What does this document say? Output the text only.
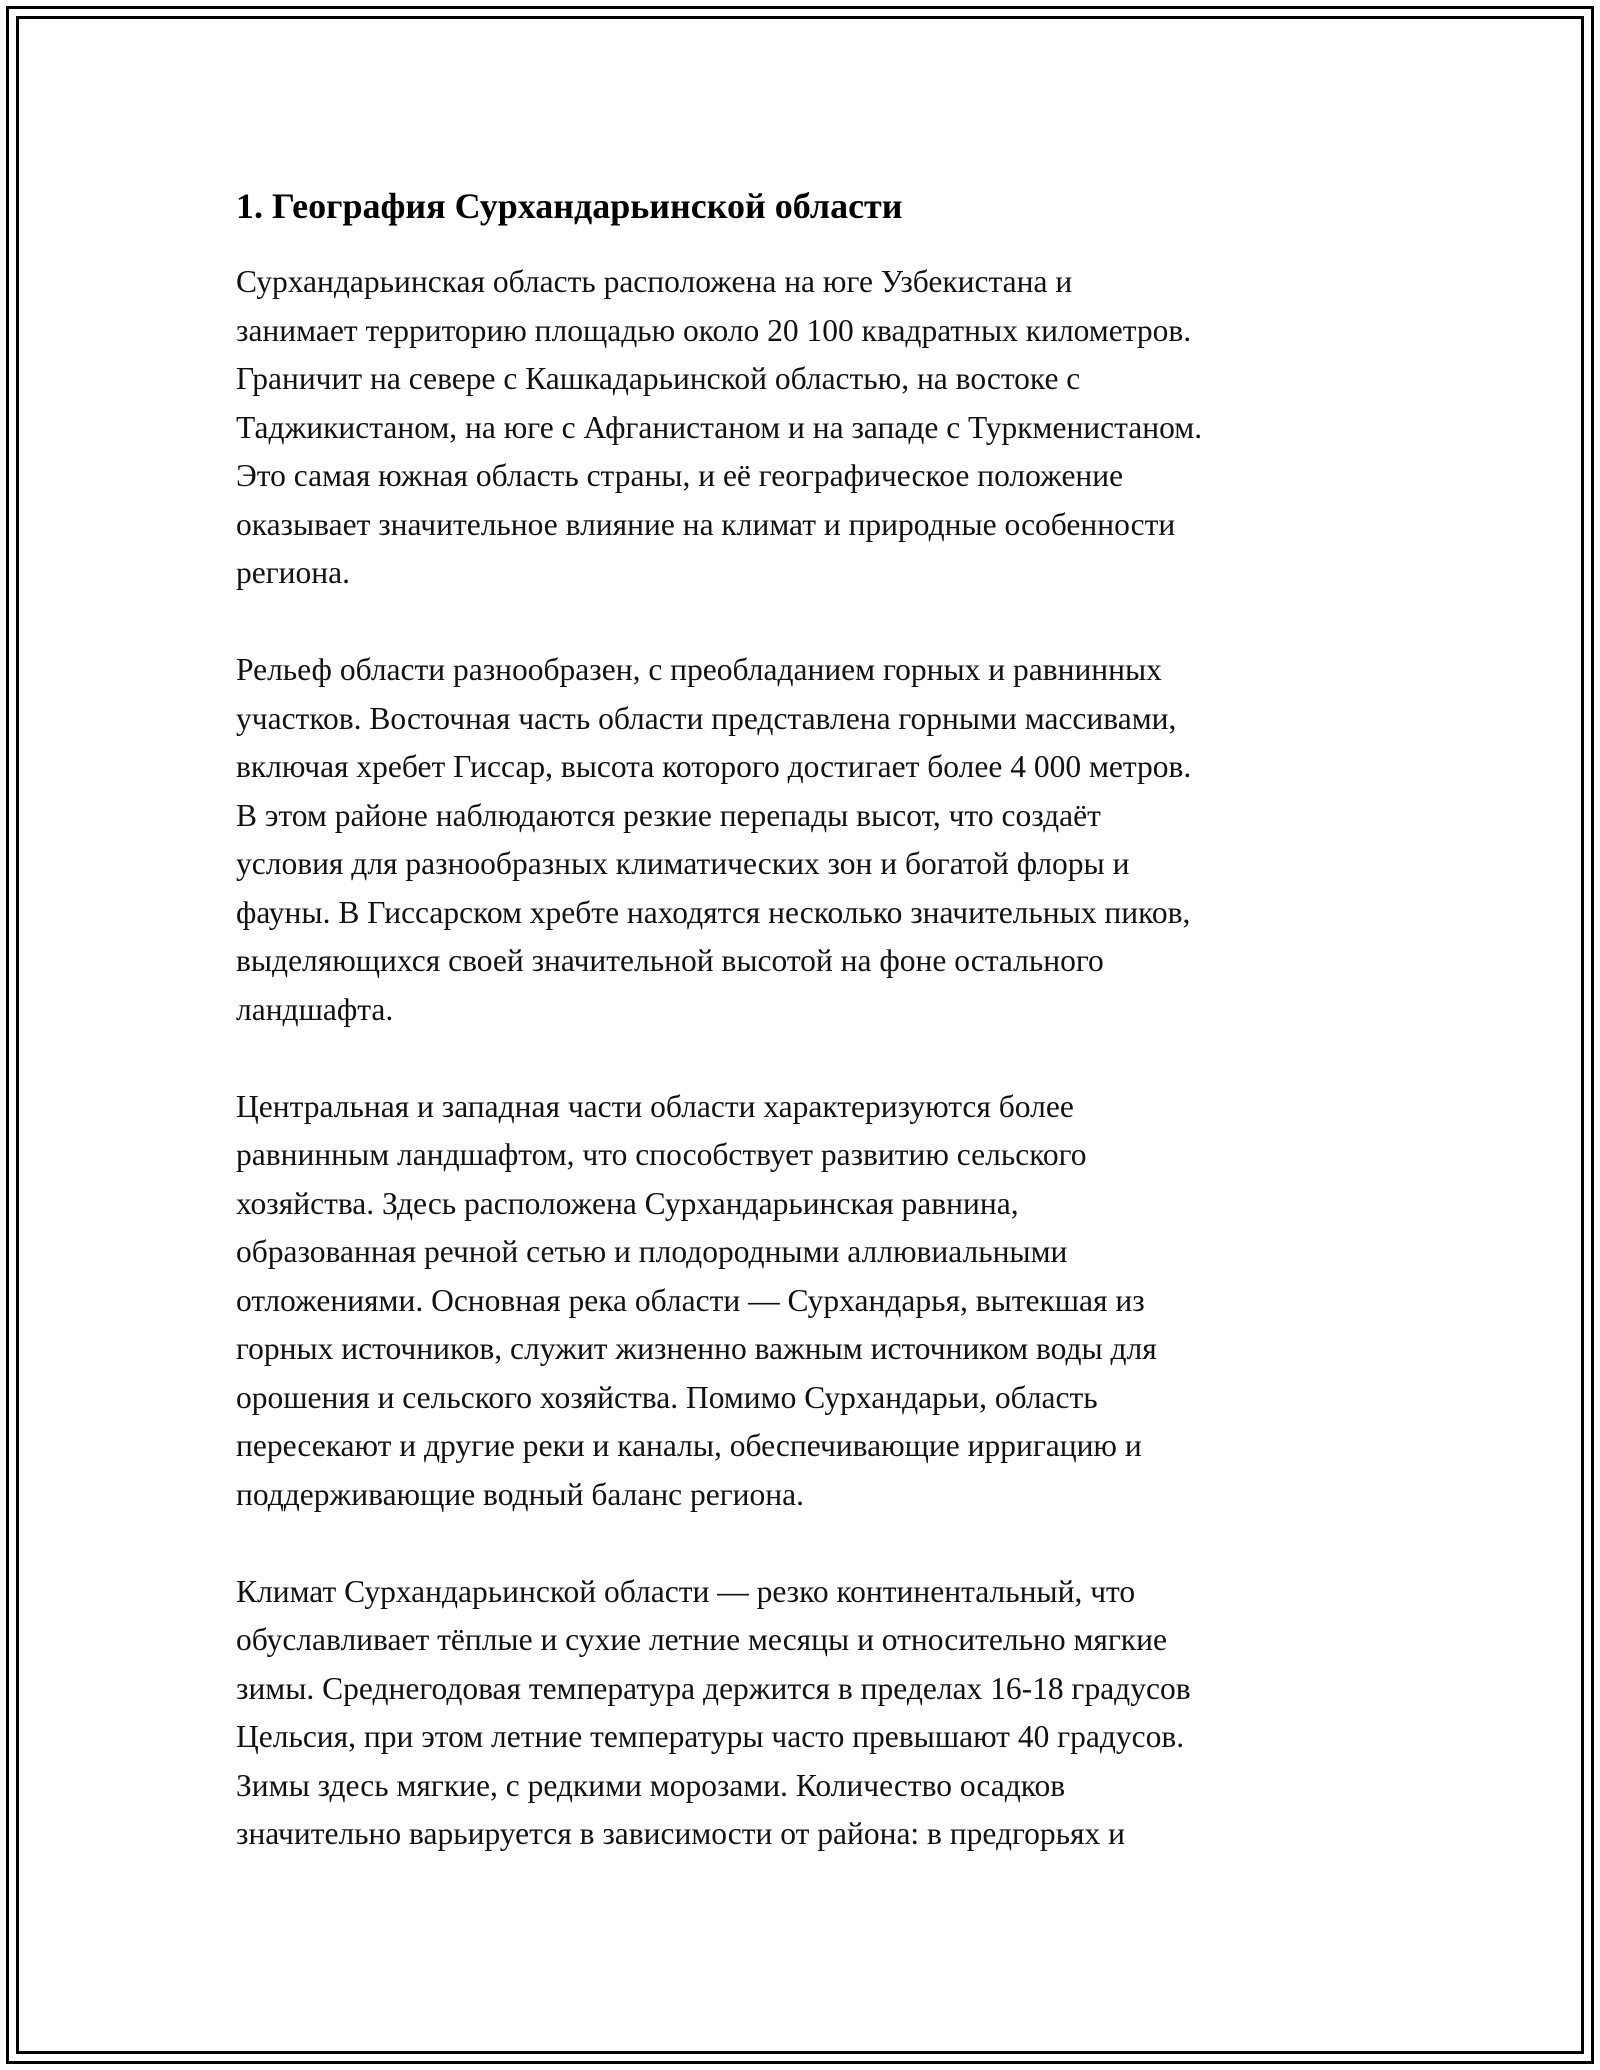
1. География Сурхандарьинской области

Сурхандарьинская область расположена на юге Узбекистана и
занимает территорию площадью около 20 100 квадратных километров.
Граничит на севере с Кашкадарьинской областью, на востоке с
Таджикистаном, на юге с Афганистаном и на западе с Туркменистаном.
Это самая южная область страны, и её географическое положение
оказывает значительное влияние на климат и природные особенности
региона.

Рельеф области разнообразен, с преобладанием горных и равнинных
участков. Восточная часть области представлена горными массивами,
включая хребет Гиссар, высота которого достигает более 4 000 метров.
В этом районе наблюдаются резкие перепады высот, что создаёт
условия для разнообразных климатических зон и богатой флоры и
фауны. В Гиссарском хребте находятся несколько значительных пиков,
выделяющихся своей значительной высотой на фоне остального
ландшафта.

Центральная и западная части области характеризуются более
равнинным ландшафтом, что способствует развитию сельского
хозяйства. Здесь расположена Сурхандарьинская равнина,
образованная речной сетью и плодородными аллювиальными
отложениями. Основная река области — Сурхандарья, вытекшая из
горных источников, служит жизненно важным источником воды для
орошения и сельского хозяйства. Помимо Сурхандарьи, область
пересекают и другие реки и каналы, обеспечивающие ирригацию и
поддерживающие водный баланс региона.

Климат Сурхандарьинской области — резко континентальный, что
обуславливает тёплые и сухие летние месяцы и относительно мягкие
зимы. Среднегодовая температура держится в пределах 16-18 градусов
Цельсия, при этом летние температуры часто превышают 40 градусов.
Зимы здесь мягкие, с редкими морозами. Количество осадков
значительно варьируется в зависимости от района: в предгорьях и
